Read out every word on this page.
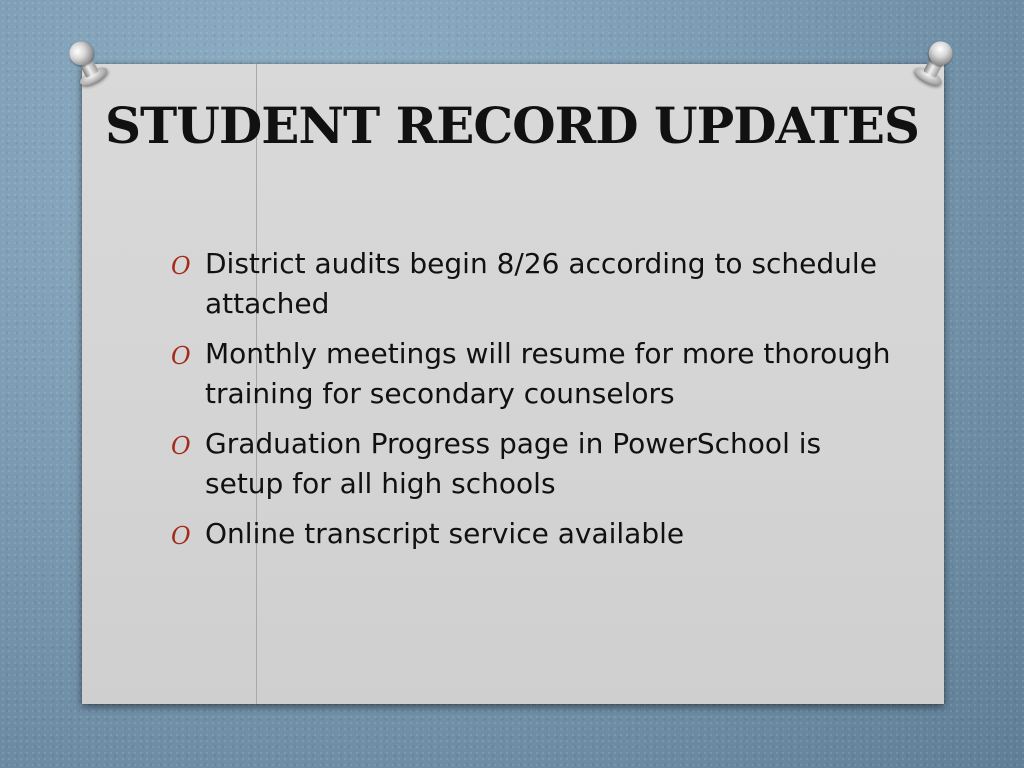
STUDENT RECORD UPDATES
O District audits begin 8/26 according to schedule attached
O Monthly meetings will resume for more thorough training for secondary counselors
O Graduation Progress page in PowerSchool is setup for all high schools
O Online transcript service available
